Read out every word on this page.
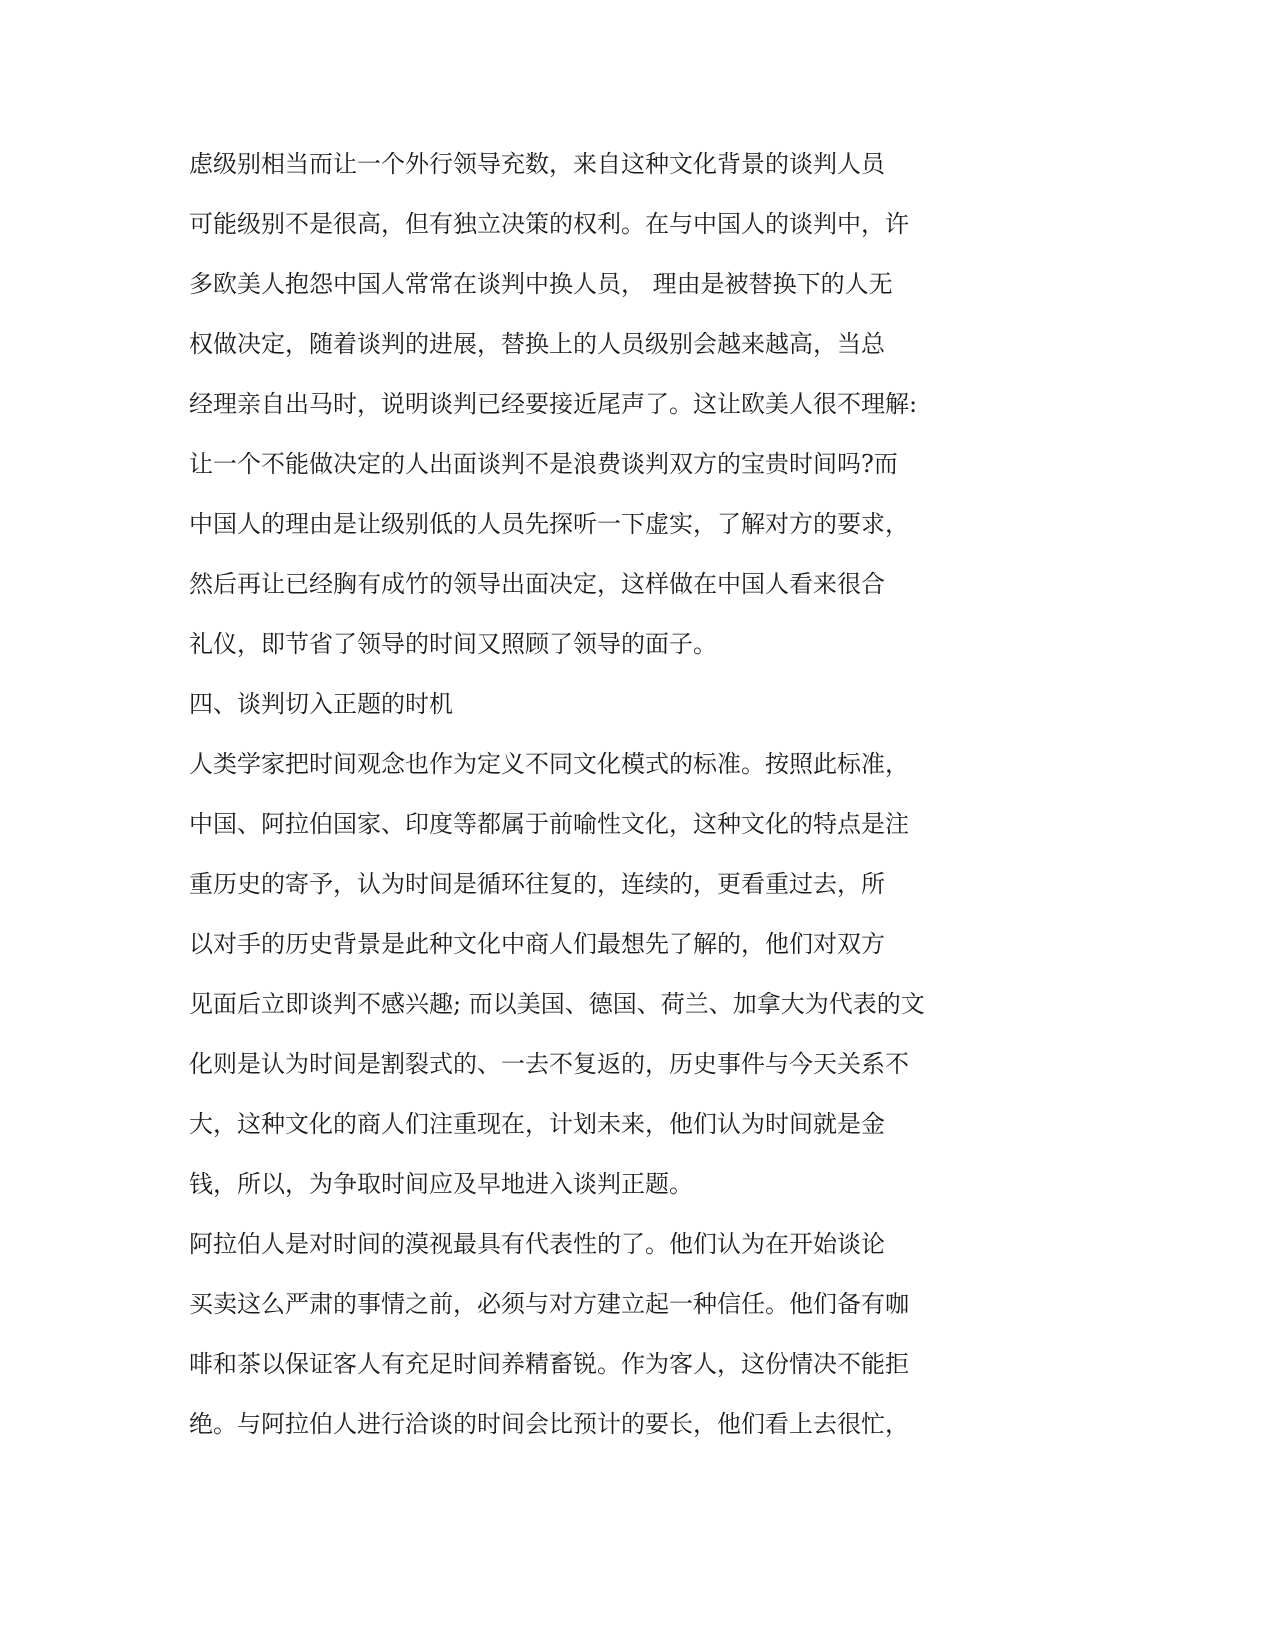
虑级别相当而让一个外行领导充数，来自这种文化背景的谈判人员
可能级别不是很高，但有独立决策的权利。在与中国人的谈判中，许
多欧美人抱怨中国人常常在谈判中换人员， 理由是被替换下的人无
权做决定，随着谈判的进展，替换上的人员级别会越来越高，当总
经理亲自出马时，说明谈判已经要接近尾声了。这让欧美人很不理解:
让一个不能做决定的人出面谈判不是浪费谈判双方的宝贵时间吗?而
中国人的理由是让级别低的人员先探听一下虚实，了解对方的要求，
然后再让已经胸有成竹的领导出面决定，这样做在中国人看来很合
礼仪，即节省了领导的时间又照顾了领导的面子。
四、谈判切入正题的时机
人类学家把时间观念也作为定义不同文化模式的标准。按照此标准，
中国、阿拉伯国家、印度等都属于前喻性文化，这种文化的特点是注
重历史的寄予，认为时间是循环往复的，连续的，更看重过去，所
以对手的历史背景是此种文化中商人们最想先了解的，他们对双方
见面后立即谈判不感兴趣; 而以美国、德国、荷兰、加拿大为代表的文
化则是认为时间是割裂式的、一去不复返的，历史事件与今天关系不
大，这种文化的商人们注重现在，计划未来，他们认为时间就是金
钱，所以，为争取时间应及早地进入谈判正题。
阿拉伯人是对时间的漠视最具有代表性的了。他们认为在开始谈论
买卖这么严肃的事情之前，必须与对方建立起一种信任。他们备有咖
啡和茶以保证客人有充足时间养精畜锐。作为客人，这份情决不能拒
绝。与阿拉伯人进行洽谈的时间会比预计的要长，他们看上去很忙，
